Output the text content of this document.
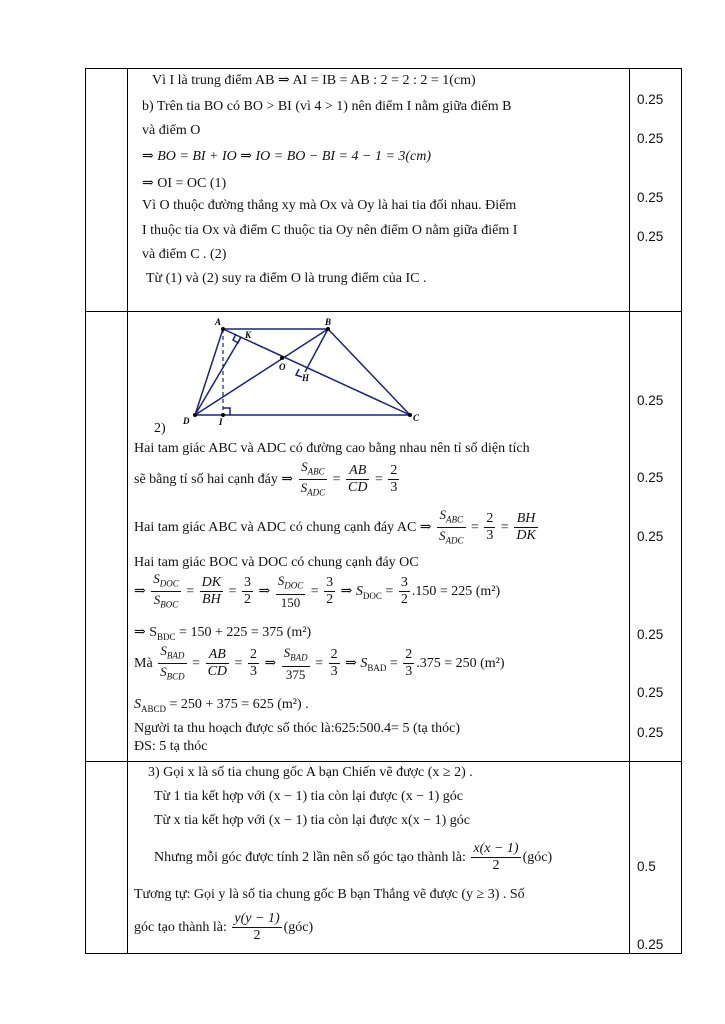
Vì I là trung điểm AB ⇒ AI = IB = AB : 2 = 2 : 2 = 1(cm)
b) Trên tia BO có BO > BI (vì 4 > 1) nên điểm I nằm giữa điểm B
và điểm O
⇒ BO = BI + IO ⇒ IO = BO − BI = 4 − 1 = 3(cm)
⇒ OI = OC (1)
Vì O thuộc đường thẳng xy mà Ox và Oy là hai tia đối nhau. Điểm
I thuộc tia Ox và điểm C thuộc tia Oy nên điểm O nằm giữa điểm I
và điểm C . (2)
Từ (1) và (2) suy ra điểm O là trung điểm của IC .
A	B
C
D
K
O
H
I
2)
Hai tam giác ABC và ADC có đường cao bằng nhau nên tỉ số diện tích
sẽ bằng tỉ số hai cạnh đáy ⇒ $\frac{S_{ABC}}{S_{ADC}} = \frac{AB}{CD} = \frac{2}{3}$
Hai tam giác ABC và ADC có chung cạnh đáy AC ⇒ $\frac{S_{ABC}}{S_{ADC}} = \frac{2}{3} = \frac{BH}{DK}$
Hai tam giác BOC và DOC có chung cạnh đáy OC
⇒ $\frac{S_{DOC}}{S_{BOC}} = \frac{DK}{BH} = \frac{3}{2}$ ⇒ $\frac{S_{DOC}}{150} = \frac{3}{2}$ ⇒ $S_{DOC} = \frac{3}{2} .150 = 225$ (m²)
⇒ $S_{BDC} = 150 + 225 = 375$ (m²)
Mà $\frac{S_{BAD}}{S_{BCD}} = \frac{AB}{CD} = \frac{2}{3}$ ⇒ $\frac{S_{BAD}}{375} = \frac{2}{3}$ ⇒ $S_{BAD} = \frac{2}{3} .375 = 250$ (m²)
$S_{ABCD} = 250 + 375 = 625$ (m²) .
Người ta thu hoạch được số thóc là:625:500.4= 5 (tạ thóc)
ĐS: 5 tạ thóc
3) Gọi x là số tia chung gốc A bạn Chiến vẽ được (x ≥ 2) .
Từ 1 tia kết hợp với (x − 1) tia còn lại được (x − 1) góc
Từ x tia kết hợp với (x − 1) tia còn lại được x(x − 1) góc
Nhưng mỗi góc được tính 2 lần nên số góc tạo thành là: $\frac{x(x - 1)}{2}$ (góc)
Tương tự: Gọi y là số tia chung gốc B bạn Thắng vẽ được (y ≥ 3) . Số
góc tạo thành là: $\frac{y(y - 1)}{2}$ (góc)
0.25
0.25
0.25
0.25
0.25
0.25
0.25
0.25
0.25
0.25
0.5
0.25
